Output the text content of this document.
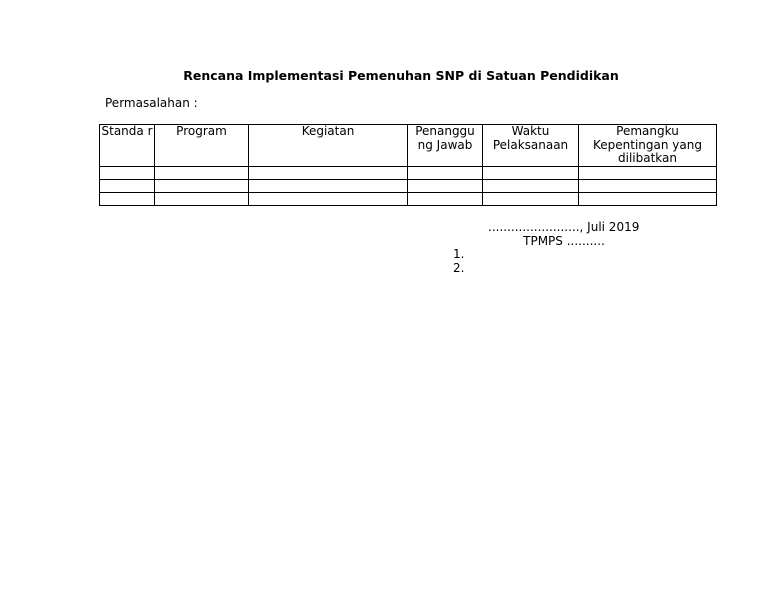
Rencana Implementasi Pemenuhan SNP di Satuan Pendidikan
Permasalahan :
Standa r	Program	Kegiatan	Penanggu ng Jawab	Waktu Pelaksanaan	Pemangku Kepentingan yang dilibatkan

........................, Juli 2019
TPMPS ..........
1.
2.
